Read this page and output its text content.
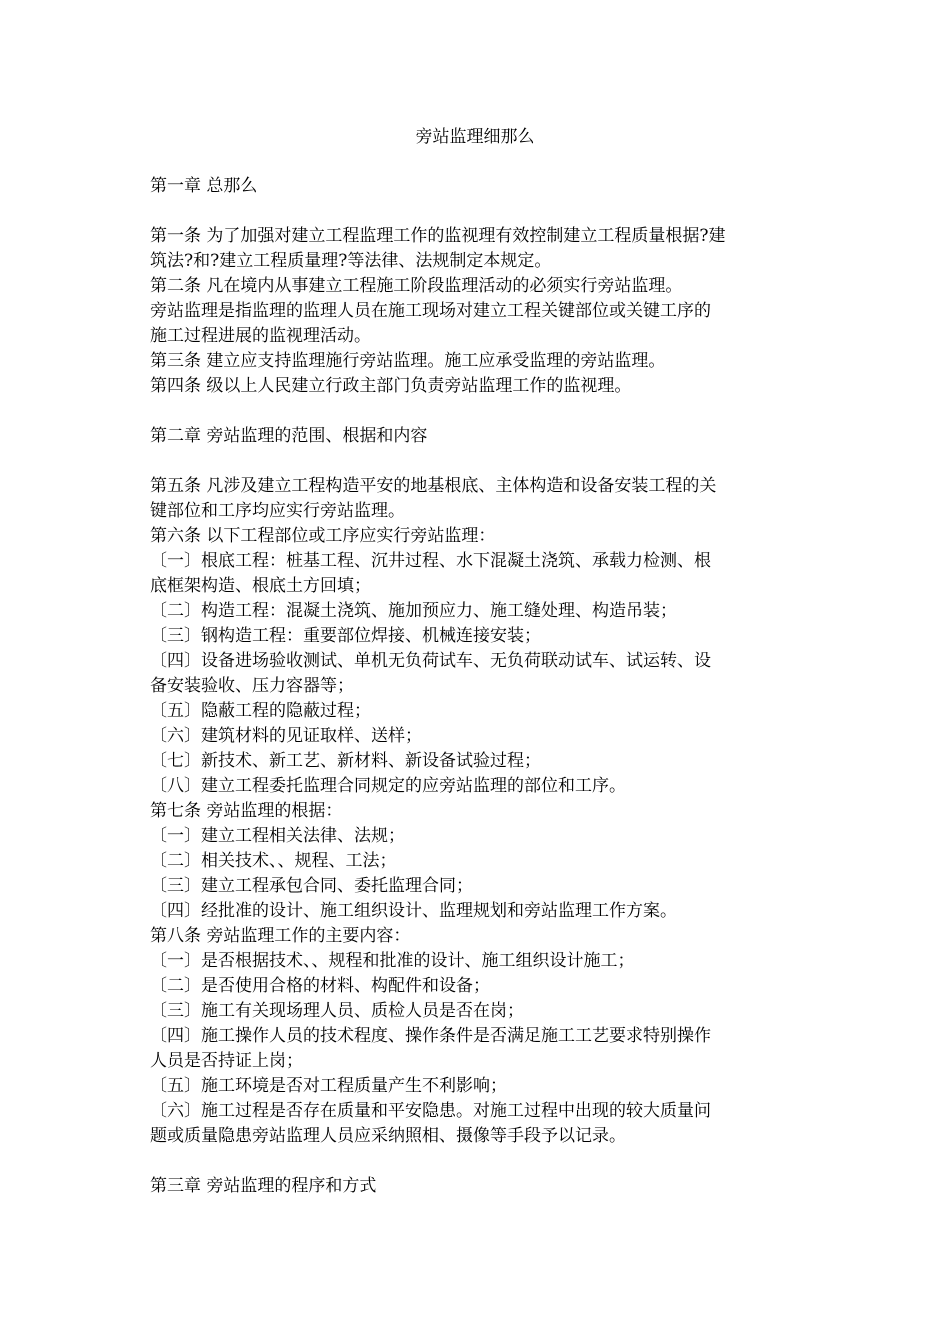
旁站监理细那么
第一章 总那么
第一条 为了加强对建立工程监理工作的监视理有效控制建立工程质量根据?建
筑法?和?建立工程质量理?等法律、法规制定本规定。
第二条 凡在境内从事建立工程施工阶段监理活动的必须实行旁站监理。
旁站监理是指监理的监理人员在施工现场对建立工程关键部位或关键工序的
施工过程进展的监视理活动。
第三条 建立应支持监理施行旁站监理。施工应承受监理的旁站监理。
第四条 级以上人民建立行政主部门负责旁站监理工作的监视理。
第二章 旁站监理的范围、根据和内容
第五条 凡涉及建立工程构造平安的地基根底、主体构造和设备安装工程的关
键部位和工序均应实行旁站监理。
第六条 以下工程部位或工序应实行旁站监理：
〔一〕根底工程：桩基工程、沉井过程、水下混凝土浇筑、承载力检测、根
底框架构造、根底土方回填；
〔二〕构造工程：混凝土浇筑、施加预应力、施工缝处理、构造吊装；
〔三〕钢构造工程：重要部位焊接、机械连接安装；
〔四〕设备进场验收测试、单机无负荷试车、无负荷联动试车、试运转、设
备安装验收、压力容器等；
〔五〕隐蔽工程的隐蔽过程；
〔六〕建筑材料的见证取样、送样；
〔七〕新技术、新工艺、新材料、新设备试验过程；
〔八〕建立工程委托监理合同规定的应旁站监理的部位和工序。
第七条 旁站监理的根据：
〔一〕建立工程相关法律、法规；
〔二〕相关技术、、规程、工法；
〔三〕建立工程承包合同、委托监理合同；
〔四〕经批准的设计、施工组织设计、监理规划和旁站监理工作方案。
第八条 旁站监理工作的主要内容：
〔一〕是否根据技术、、规程和批准的设计、施工组织设计施工；
〔二〕是否使用合格的材料、构配件和设备；
〔三〕施工有关现场理人员、质检人员是否在岗；
〔四〕施工操作人员的技术程度、操作条件是否满足施工工艺要求特别操作
人员是否持证上岗；
〔五〕施工环境是否对工程质量产生不利影响；
〔六〕施工过程是否存在质量和平安隐患。对施工过程中出现的较大质量问
题或质量隐患旁站监理人员应采纳照相、摄像等手段予以记录。
第三章 旁站监理的程序和方式
